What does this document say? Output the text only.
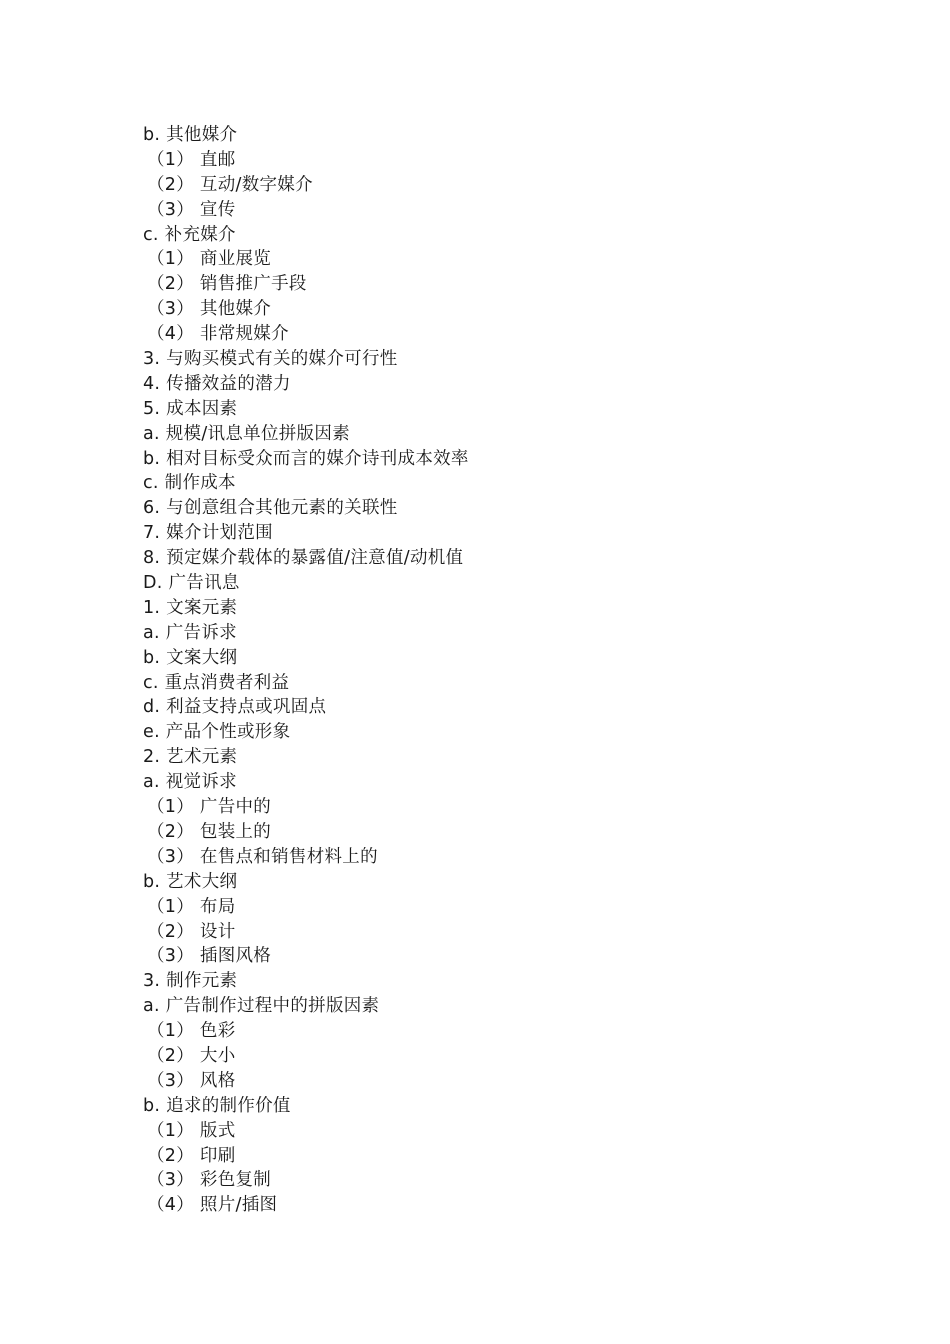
b. 其他媒介
（1） 直邮
（2） 互动/数字媒介
（3） 宣传
c. 补充媒介
（1） 商业展览
（2） 销售推广手段
（3） 其他媒介
（4） 非常规媒介
3. 与购买模式有关的媒介可行性
4. 传播效益的潜力
5. 成本因素
a. 规模/讯息单位拼版因素
b. 相对目标受众而言的媒介诗刊成本效率
c. 制作成本
6. 与创意组合其他元素的关联性
7. 媒介计划范围
8. 预定媒介载体的暴露值/注意值/动机值
D. 广告讯息
1. 文案元素
a. 广告诉求
b. 文案大纲
c. 重点消费者利益
d. 利益支持点或巩固点
e. 产品个性或形象
2. 艺术元素
a. 视觉诉求
（1） 广告中的
（2） 包装上的
（3） 在售点和销售材料上的
b. 艺术大纲
（1） 布局
（2） 设计
（3） 插图风格
3. 制作元素
a. 广告制作过程中的拼版因素
（1） 色彩
（2） 大小
（3） 风格
b. 追求的制作价值
（1） 版式
（2） 印刷
（3） 彩色复制
（4） 照片/插图
